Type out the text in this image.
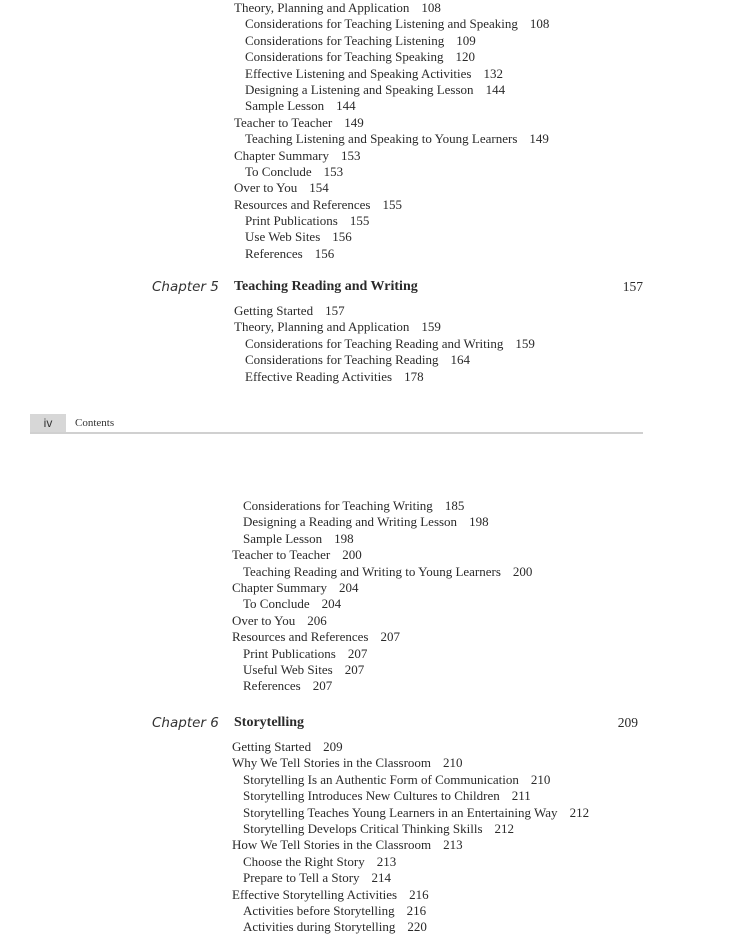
Theory, Planning and Application 108
Considerations for Teaching Listening and Speaking 108
Considerations for Teaching Listening 109
Considerations for Teaching Speaking 120
Effective Listening and Speaking Activities 132
Designing a Listening and Speaking Lesson 144
Sample Lesson 144
Teacher to Teacher 149
Teaching Listening and Speaking to Young Learners 149
Chapter Summary 153
To Conclude 153
Over to You 154
Resources and References 155
Print Publications 155
Use Web Sites 156
References 156
Chapter 5 Teaching Reading and Writing	157
Getting Started 157
Theory, Planning and Application 159
Considerations for Teaching Reading and Writing 159
Considerations for Teaching Reading 164
Effective Reading Activities 178
iv	Contents
Considerations for Teaching Writing 185
Designing a Reading and Writing Lesson 198
Sample Lesson 198
Teacher to Teacher 200
Teaching Reading and Writing to Young Learners 200
Chapter Summary 204
To Conclude 204
Over to You 206
Resources and References 207
Print Publications 207
Useful Web Sites 207
References 207
Chapter 6 Storytelling	209
Getting Started 209
Why We Tell Stories in the Classroom 210
Storytelling Is an Authentic Form of Communication 210
Storytelling Introduces New Cultures to Children 211
Storytelling Teaches Young Learners in an Entertaining Way 212
Storytelling Develops Critical Thinking Skills 212
How We Tell Stories in the Classroom 213
Choose the Right Story 213
Prepare to Tell a Story 214
Effective Storytelling Activities 216
Activities before Storytelling 216
Activities during Storytelling 220
